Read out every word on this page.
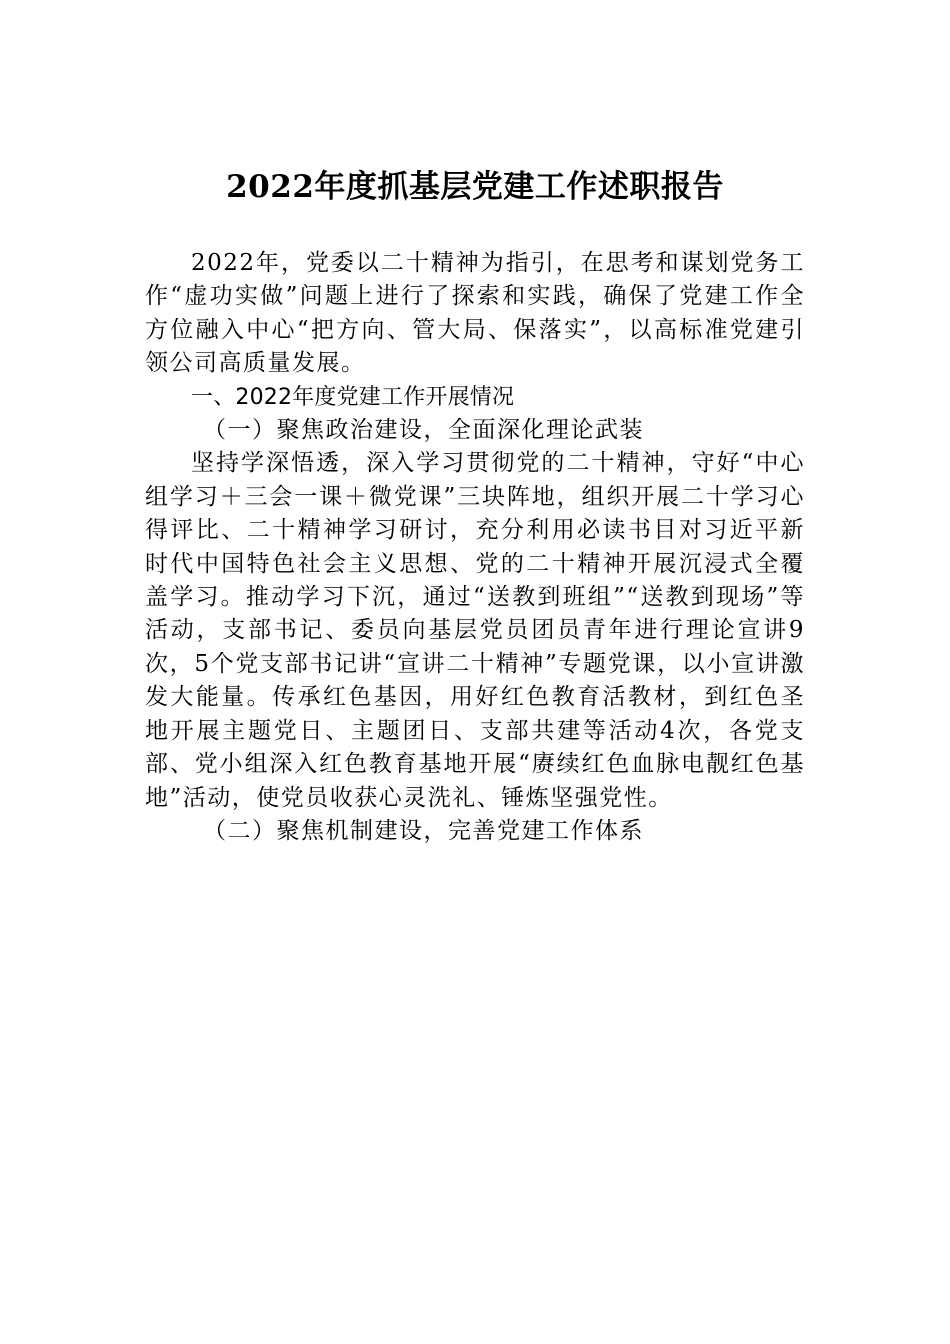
2022年度抓基层党建工作述职报告

2022年，党委以二十精神为指引，在思考和谋划党务工作“虚功实做”问题上进行了探索和实践，确保了党建工作全方位融入中心“把方向、管大局、保落实”，以高标准党建引领公司高质量发展。

一、2022年度党建工作开展情况

（一）聚焦政治建设，全面深化理论武装

坚持学深悟透，深入学习贯彻党的二十精神，守好“中心组学习＋三会一课＋微党课”三块阵地，组织开展二十学习心得评比、二十精神学习研讨，充分利用必读书目对习近平新时代中国特色社会主义思想、党的二十精神开展沉浸式全覆盖学习。推动学习下沉，通过“送教到班组”“送教到现场”等活动，支部书记、委员向基层党员团员青年进行理论宣讲9次，5个党支部书记讲“宣讲二十精神”专题党课，以小宣讲激发大能量。传承红色基因，用好红色教育活教材，到红色圣地开展主题党日、主题团日、支部共建等活动4次，各党支部、党小组深入红色教育基地开展“赓续红色血脉电靓红色基地”活动，使党员收获心灵洗礼、锤炼坚强党性。

（二）聚焦机制建设，完善党建工作体系
